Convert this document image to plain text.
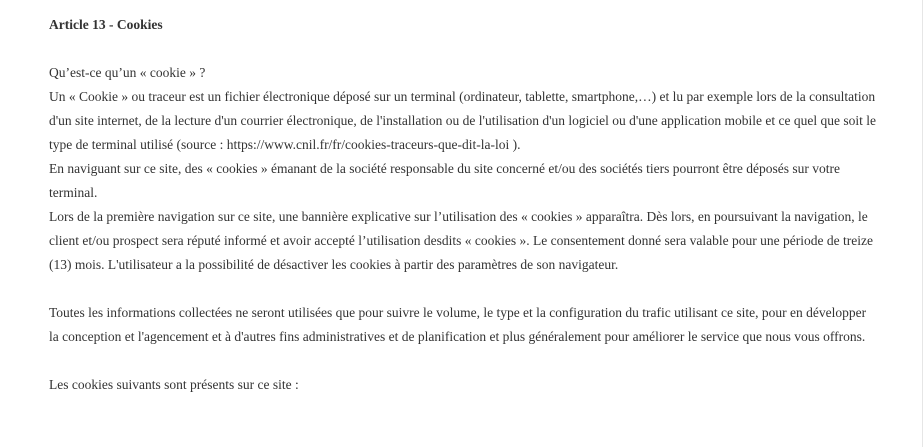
Article 13 - Cookies

Qu’est-ce qu’un « cookie » ?

Un « Cookie » ou traceur est un fichier électronique déposé sur un terminal (ordinateur, tablette, smartphone,…) et lu par exemple lors de la consultation d'un site internet, de la lecture d'un courrier électronique, de l'installation ou de l'utilisation d'un logiciel ou d'une application mobile et ce quel que soit le type de terminal utilisé (source : https://www.cnil.fr/fr/cookies-traceurs-que-dit-la-loi ).

En naviguant sur ce site, des « cookies » émanant de la société responsable du site concerné et/ou des sociétés tiers pourront être déposés sur votre terminal.

Lors de la première navigation sur ce site, une bannière explicative sur l’utilisation des « cookies » apparaîtra. Dès lors, en poursuivant la navigation, le client et/ou prospect sera réputé informé et avoir accepté l’utilisation desdits « cookies ». Le consentement donné sera valable pour une période de treize (13) mois. L'utilisateur a la possibilité de désactiver les cookies à partir des paramètres de son navigateur.

Toutes les informations collectées ne seront utilisées que pour suivre le volume, le type et la configuration du trafic utilisant ce site, pour en développer la conception et l'agencement et à d'autres fins administratives et de planification et plus généralement pour améliorer le service que nous vous offrons.

Les cookies suivants sont présents sur ce site :
